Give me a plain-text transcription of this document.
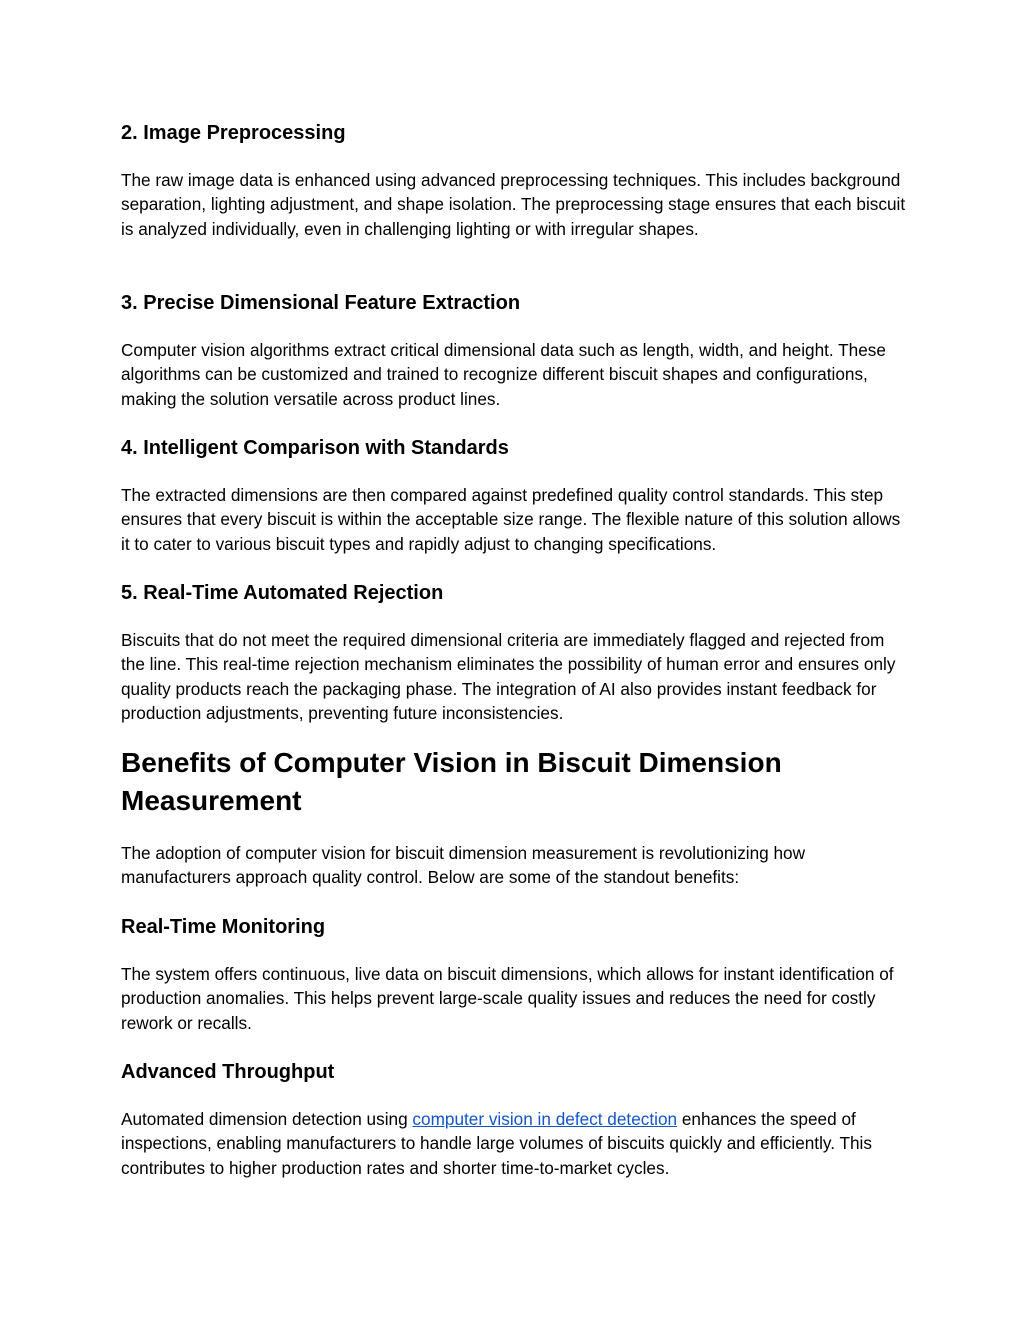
2. Image Preprocessing

The raw image data is enhanced using advanced preprocessing techniques. This includes background separation, lighting adjustment, and shape isolation. The preprocessing stage ensures that each biscuit is analyzed individually, even in challenging lighting or with irregular shapes.

3. Precise Dimensional Feature Extraction

Computer vision algorithms extract critical dimensional data such as length, width, and height. These algorithms can be customized and trained to recognize different biscuit shapes and configurations, making the solution versatile across product lines.

4. Intelligent Comparison with Standards

The extracted dimensions are then compared against predefined quality control standards. This step ensures that every biscuit is within the acceptable size range. The flexible nature of this solution allows it to cater to various biscuit types and rapidly adjust to changing specifications.

5. Real-Time Automated Rejection

Biscuits that do not meet the required dimensional criteria are immediately flagged and rejected from the line. This real-time rejection mechanism eliminates the possibility of human error and ensures only quality products reach the packaging phase. The integration of AI also provides instant feedback for production adjustments, preventing future inconsistencies.

Benefits of Computer Vision in Biscuit Dimension Measurement

The adoption of computer vision for biscuit dimension measurement is revolutionizing how manufacturers approach quality control. Below are some of the standout benefits:

Real-Time Monitoring

The system offers continuous, live data on biscuit dimensions, which allows for instant identification of production anomalies. This helps prevent large-scale quality issues and reduces the need for costly rework or recalls.

Advanced Throughput

Automated dimension detection using computer vision in defect detection enhances the speed of inspections, enabling manufacturers to handle large volumes of biscuits quickly and efficiently. This contributes to higher production rates and shorter time-to-market cycles.
